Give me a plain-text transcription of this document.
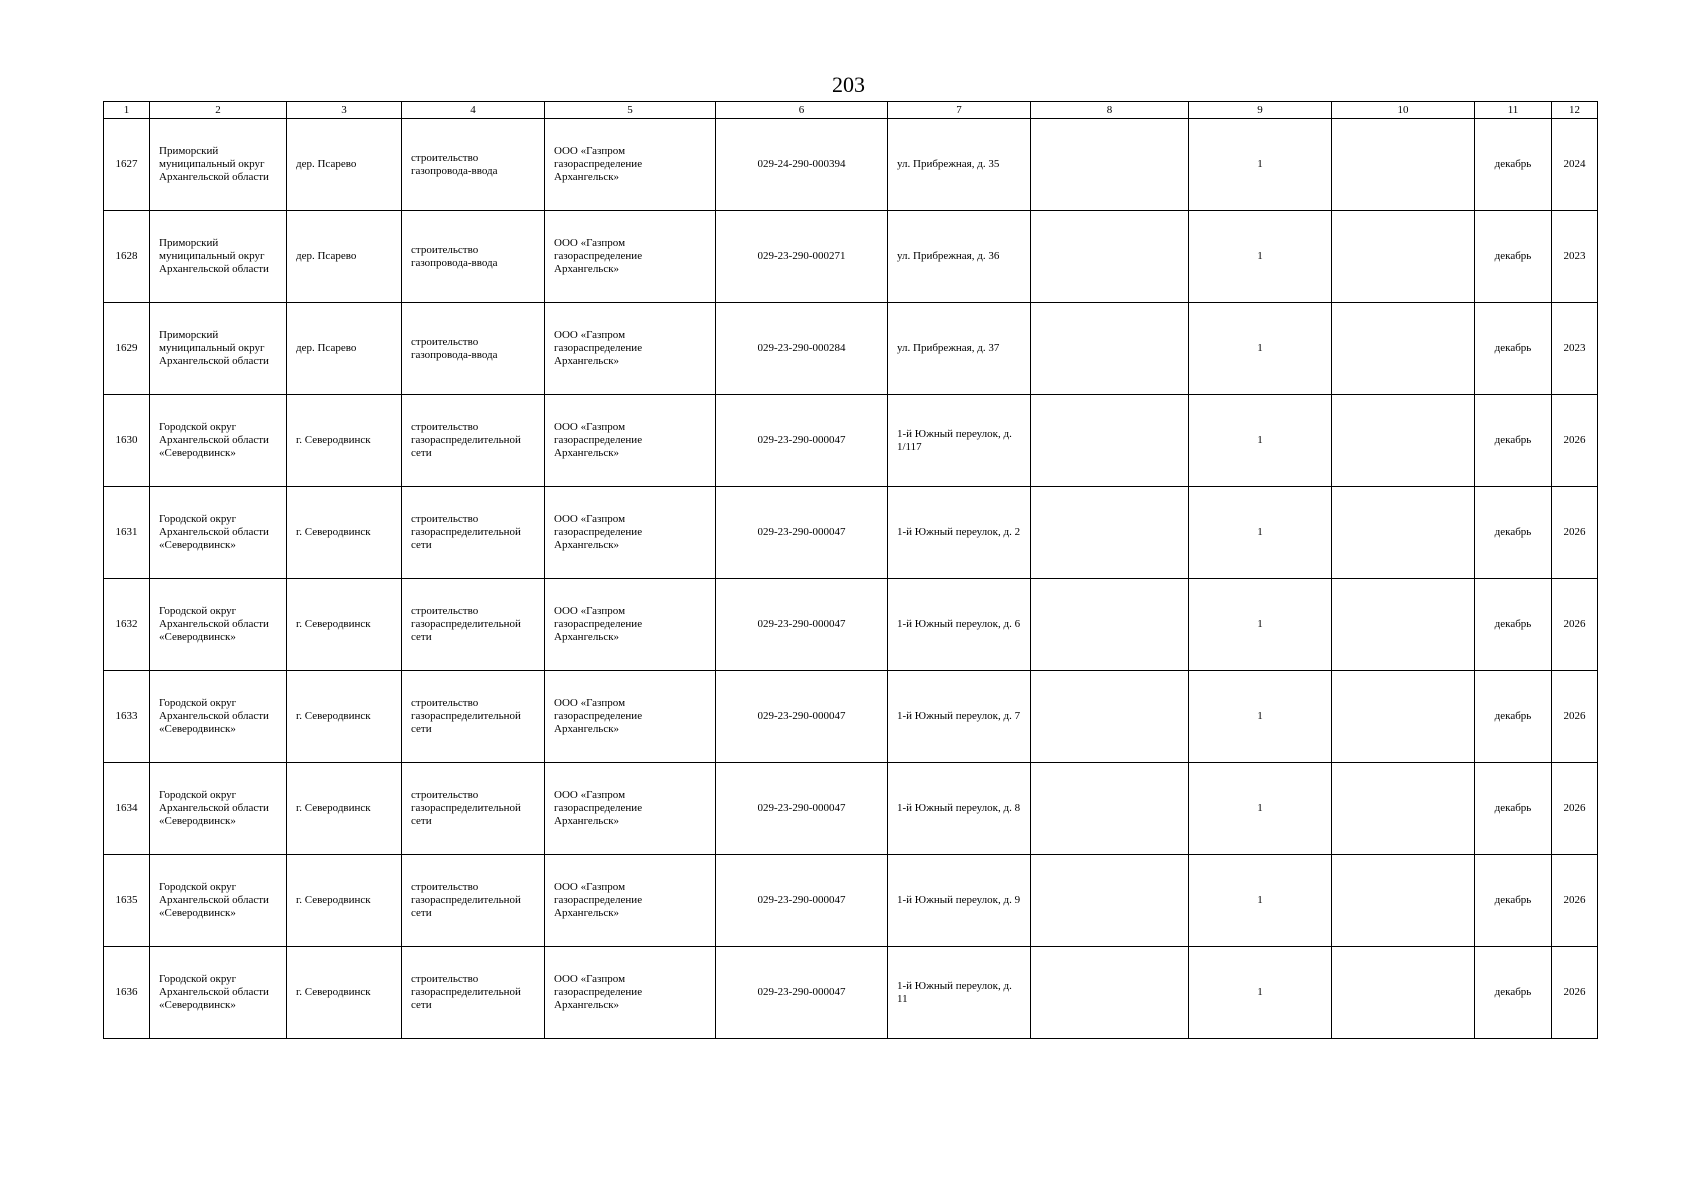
203
1	2	3	4	5	6	7	8	9	10	11	12
1627	Приморский муниципальный округ Архангельской области	дер. Псарево	строительство газопровода-ввода	ООО «Газпром газораспределение Архангельск»	029-24-290-000394	ул. Прибрежная, д. 35		1		декабрь	2024
1628	Приморский муниципальный округ Архангельской области	дер. Псарево	строительство газопровода-ввода	ООО «Газпром газораспределение Архангельск»	029-23-290-000271	ул. Прибрежная, д. 36		1		декабрь	2023
1629	Приморский муниципальный округ Архангельской области	дер. Псарево	строительство газопровода-ввода	ООО «Газпром газораспределение Архангельск»	029-23-290-000284	ул. Прибрежная, д. 37		1		декабрь	2023
1630	Городской округ Архангельской области «Северодвинск»	г. Северодвинск	строительство газораспределительной сети	ООО «Газпром газораспределение Архангельск»	029-23-290-000047	1-й Южный переулок, д. 1/117		1		декабрь	2026
1631	Городской округ Архангельской области «Северодвинск»	г. Северодвинск	строительство газораспределительной сети	ООО «Газпром газораспределение Архангельск»	029-23-290-000047	1-й Южный переулок, д. 2		1		декабрь	2026
1632	Городской округ Архангельской области «Северодвинск»	г. Северодвинск	строительство газораспределительной сети	ООО «Газпром газораспределение Архангельск»	029-23-290-000047	1-й Южный переулок, д. 6		1		декабрь	2026
1633	Городской округ Архангельской области «Северодвинск»	г. Северодвинск	строительство газораспределительной сети	ООО «Газпром газораспределение Архангельск»	029-23-290-000047	1-й Южный переулок, д. 7		1		декабрь	2026
1634	Городской округ Архангельской области «Северодвинск»	г. Северодвинск	строительство газораспределительной сети	ООО «Газпром газораспределение Архангельск»	029-23-290-000047	1-й Южный переулок, д. 8		1		декабрь	2026
1635	Городской округ Архангельской области «Северодвинск»	г. Северодвинск	строительство газораспределительной сети	ООО «Газпром газораспределение Архангельск»	029-23-290-000047	1-й Южный переулок, д. 9		1		декабрь	2026
1636	Городской округ Архангельской области «Северодвинск»	г. Северодвинск	строительство газораспределительной сети	ООО «Газпром газораспределение Архангельск»	029-23-290-000047	1-й Южный переулок, д. 11		1		декабрь	2026
